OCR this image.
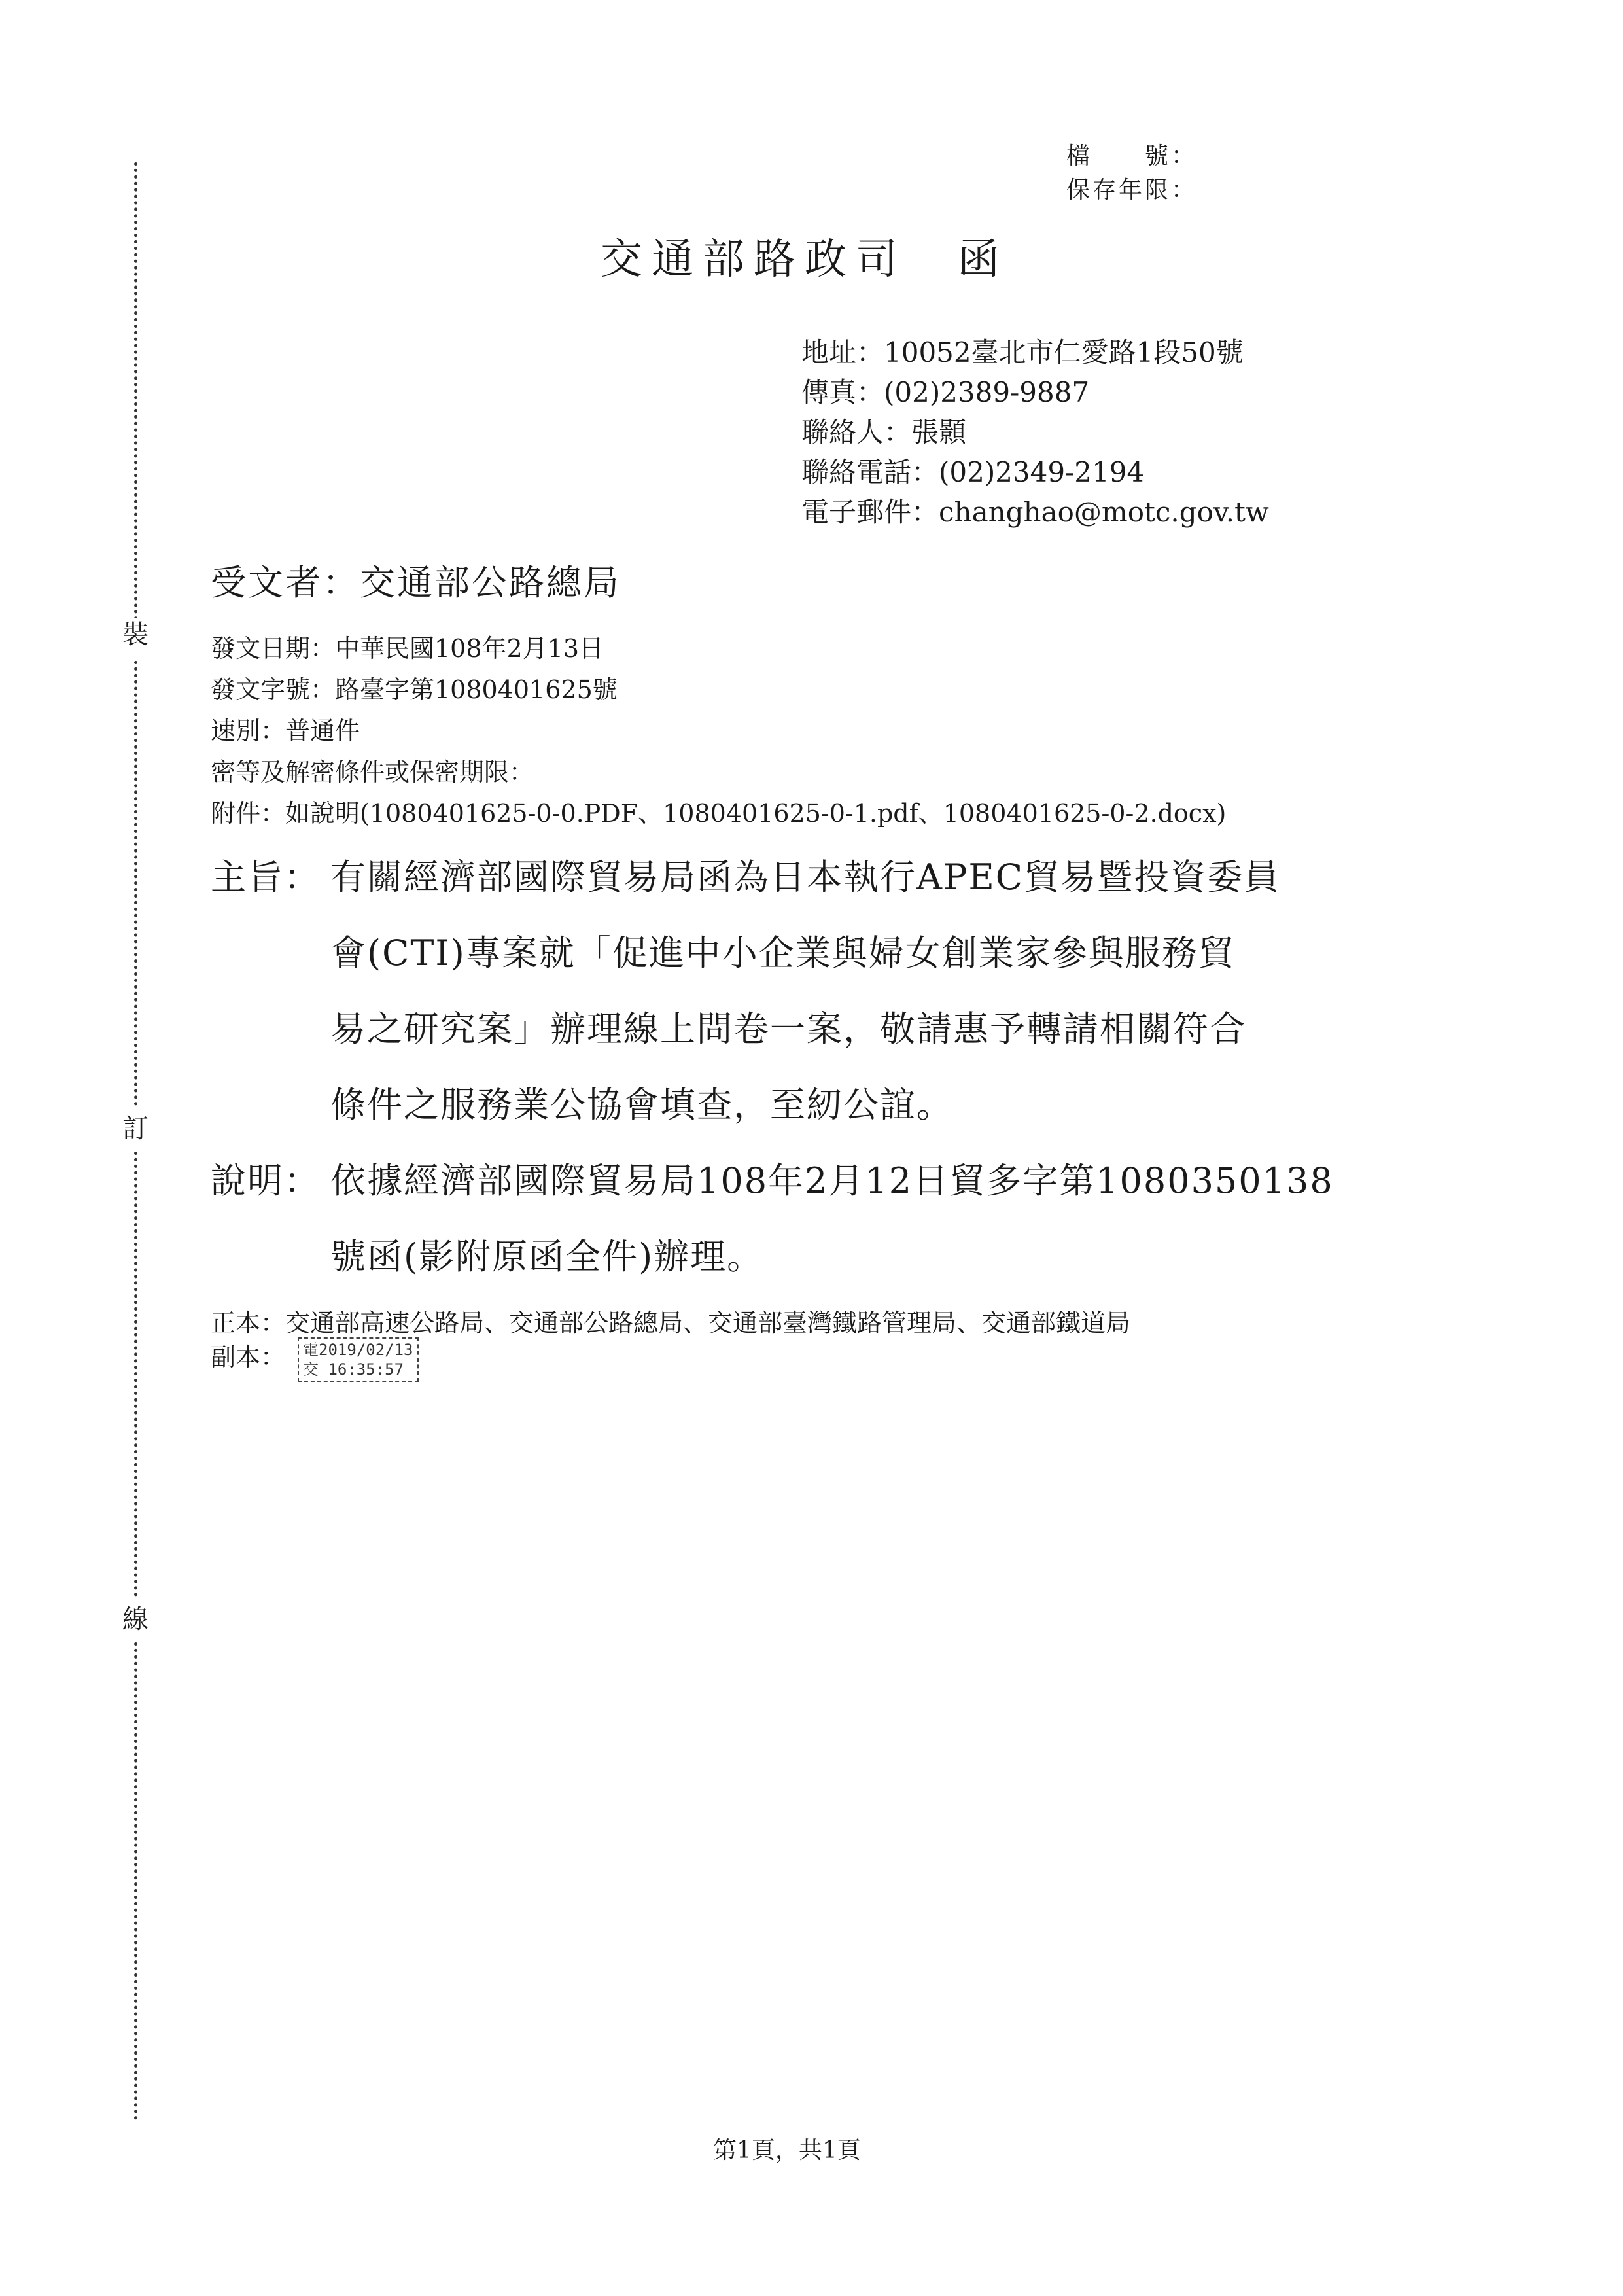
裝
訂
線
檔　　號：
保存年限：
交通部路政司　函
地址：10052臺北市仁愛路1段50號
傳真：(02)2389-9887
聯絡人：張顥
聯絡電話：(02)2349-2194
電子郵件：changhao@motc.gov.tw
受文者：交通部公路總局
發文日期：中華民國108年2月13日
發文字號：路臺字第1080401625號
速別：普通件
密等及解密條件或保密期限：
附件：如說明(1080401625-0-0.PDF、1080401625-0-1.pdf、1080401625-0-2.docx)
主旨： 有關經濟部國際貿易局函為日本執行APEC貿易暨投資委員
會(CTI)專案就「促進中小企業與婦女創業家參與服務貿
易之研究案」辦理線上問卷一案，敬請惠予轉請相關符合
條件之服務業公協會填查，至紉公誼。
說明： 依據經濟部國際貿易局108年2月12日貿多字第1080350138
號函(影附原函全件)辦理。
正本：交通部高速公路局、交通部公路總局、交通部臺灣鐵路管理局、交通部鐵道局
副本：	電2019/02/13
交 16:35:57
第1頁，共1頁
